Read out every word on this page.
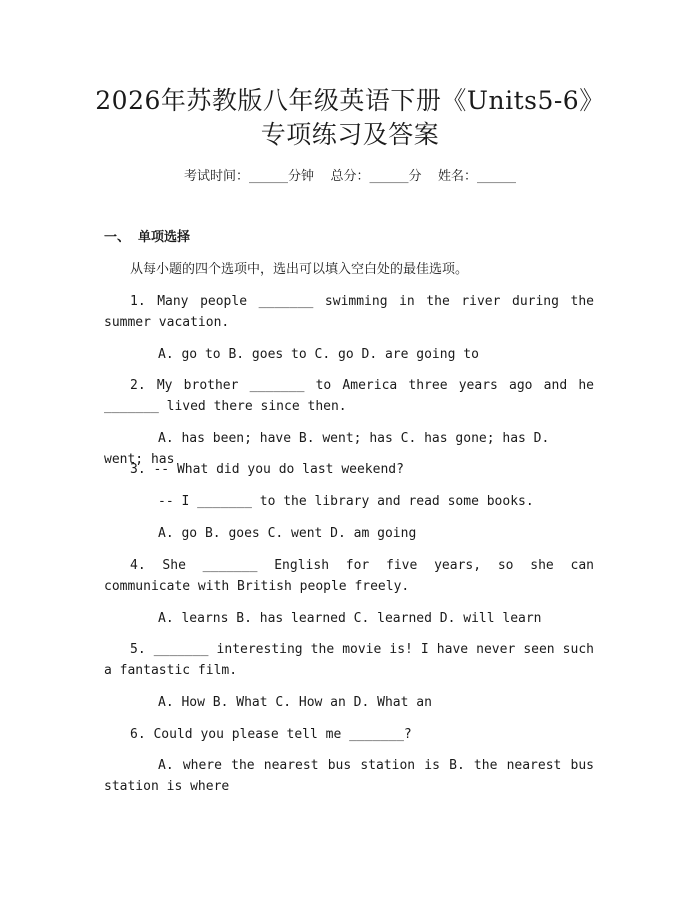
2026年苏教版八年级英语下册《Units5-6》
专项练习及答案
考试时间：______分钟    总分：______分    姓名：______
一、 单项选择
从每小题的四个选项中，选出可以填入空白处的最佳选项。
1. Many people _______ swimming in the river during the summer vacation.
A. go to B. goes to C. go D. are going to
2. My brother _______ to America three years ago and he _______ lived there since then.
A. has been; have B. went; has C. has gone; has D. went; has
3. -- What did you do last weekend?
-- I _______ to the library and read some books.
A. go B. goes C. went D. am going
4. She _______ English for five years, so she can communicate with British people freely.
A. learns B. has learned C. learned D. will learn
5. _______ interesting the movie is! I have never seen such a fantastic film.
A. How B. What C. How an D. What an
6. Could you please tell me _______?
A. where the nearest bus station is B. the nearest bus station is where
